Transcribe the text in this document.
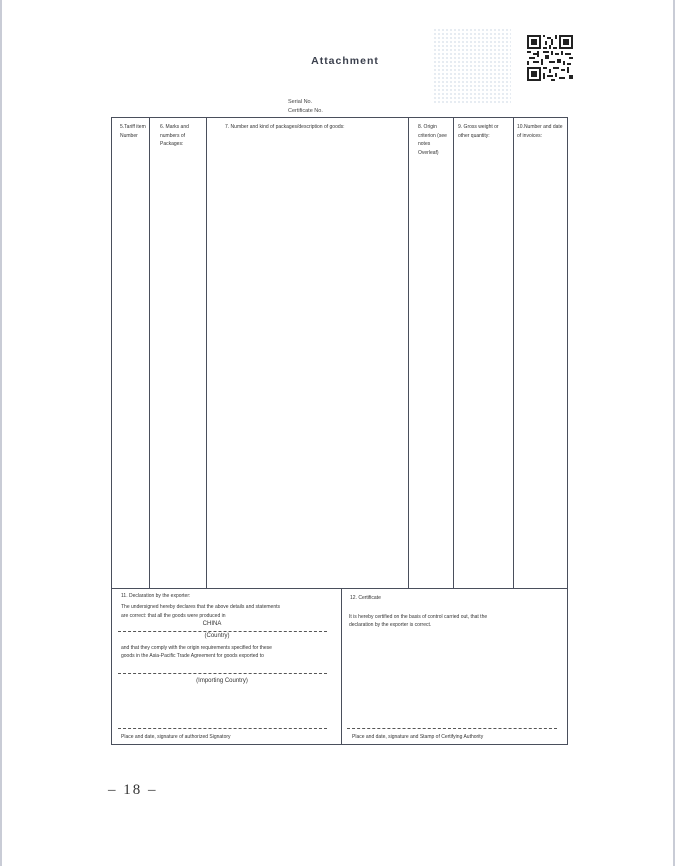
Attachment
Serial No.
Certificate No.
5.Tariff item Number
6. Marks and numbers of Packages:
7. Number and kind of packages/description of goods:	8. Origin criterion (see notes Overleaf)
9. Gross weight or other quantity:
10.Number and date of invoices:
11. Declaration by the exporter:
The undersigned hereby declares that the above details and statements
are correct: that all the goods were produced in
CHINA
(Country)
and that they comply with the origin requirements specified for these
goods in the Asia-Pacific Trade Agreement for goods exported to
(Importing Country)
Place and date, signature of authorized Signatory
12. Certificate
It is hereby certified on the basis of control carried out, that the
declaration by the exporter is correct.
Place and date, signature and Stamp of Certifying Authority
– 18 –
